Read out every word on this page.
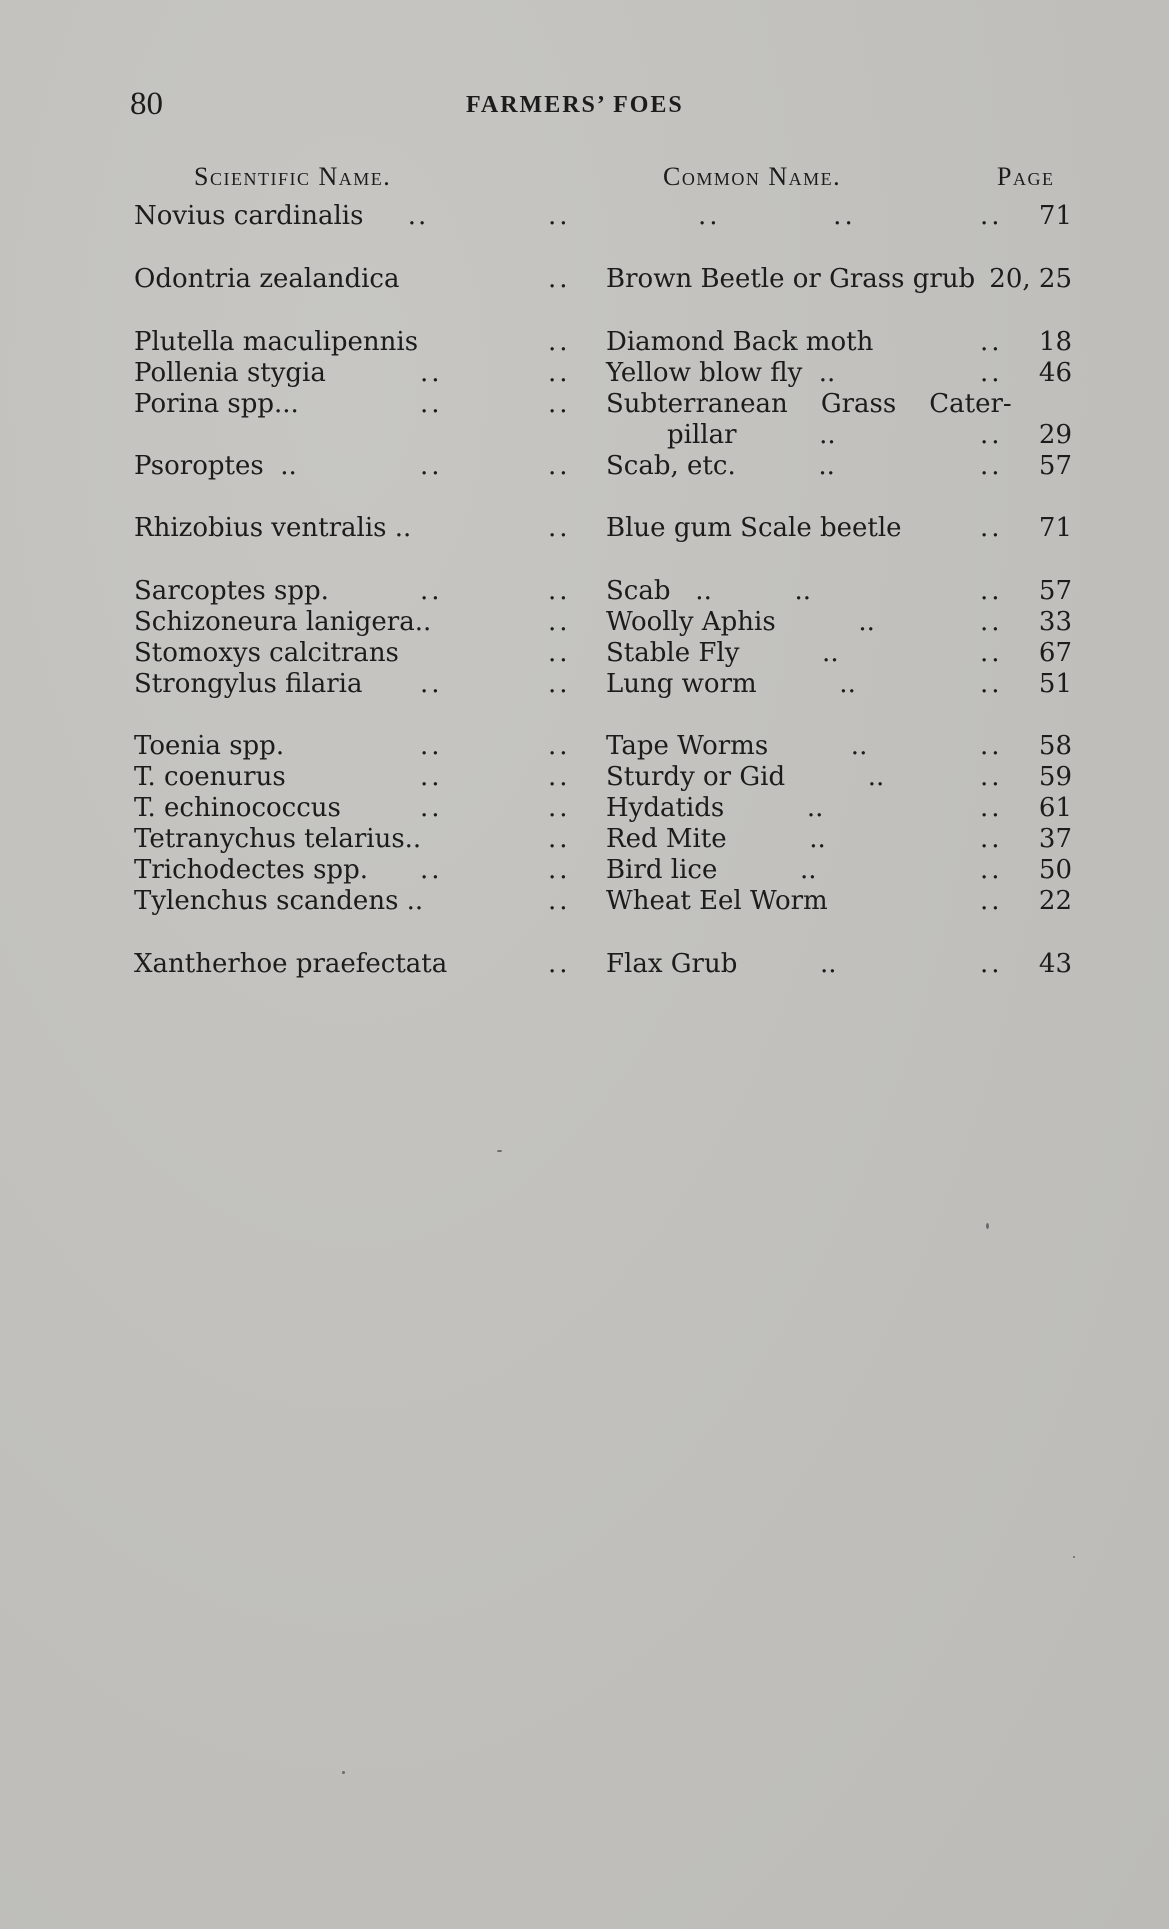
80	FARMERS’ FOES
Scientific Name.	Common Name.	Page
Novius cardinalis ..	..	..          ..	.. 71
Odontria zealandica	.. Brown Beetle or Grass grub 20, 25
Plutella maculipennis	.. Diamond Back moth	.. 18
Pollenia stygia	..	.. Yellow blow fly  ..	.. 46
Porina spp...	..	.. Subterranean    Grass    Cater-
pillar          ..	.. 29
Psoroptes  ..	..	.. Scab, etc.          ..	.. 57
Rhizobius ventralis ..	.. Blue gum Scale beetle	.. 71
Sarcoptes spp.	..	.. Scab   ..          ..	.. 57
Schizoneura lanigera..	.. Woolly Aphis          ..	.. 33
Stomoxys calcitrans	.. Stable Fly          ..	.. 67
Strongylus filaria ..	.. Lung worm          ..	.. 51
Toenia spp.	..	.. Tape Worms          ..	.. 58
T. coenurus	..	.. Sturdy or Gid          ..	.. 59
T. echinococcus	..	.. Hydatids          ..	.. 61
Tetranychus telarius..	.. Red Mite          ..	.. 37
Trichodectes spp. ..	.. Bird lice          ..	.. 50
Tylenchus scandens ..	.. Wheat Eel Worm	.. 22
Xantherhoe praefectata	.. Flax Grub          ..	.. 43
